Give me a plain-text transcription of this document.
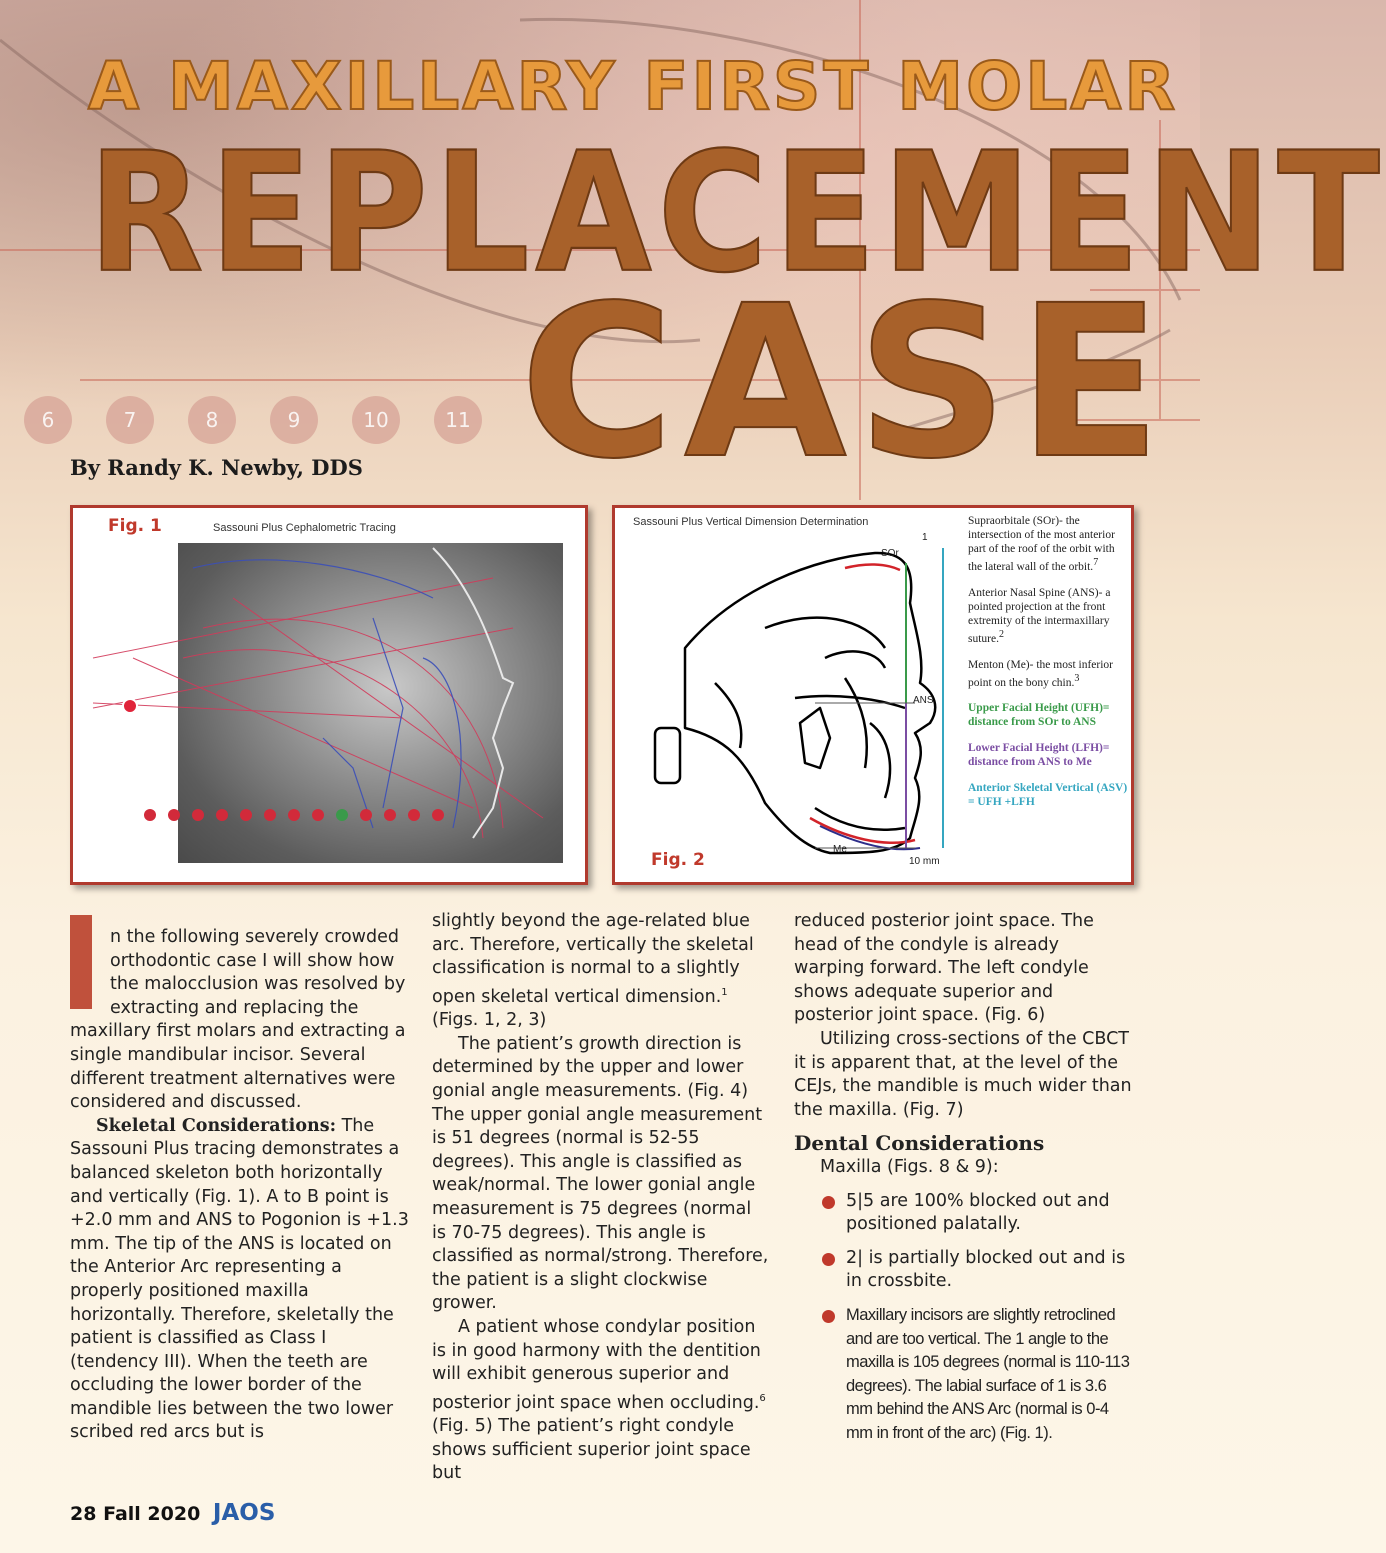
6	7	8	9	10	11
A MAXILLARY FIRST MOLAR
REPLACEMENT
CASE
By Randy K. Newby, DDS
Fig. 1	Sassouni Plus Cephalometric Tracing	Sassouni Plus Vertical Dimension Determination
SOr
ANS
Me
10 mm
1
Fig. 2

Supraorbitale (SOr)- the intersection of the most anterior part of the roof of the orbit with the lateral wall of the orbit.$^7$

Anterior Nasal Spine (ANS)- a pointed projection at the front extremity of the intermaxillary suture.$^2$

Menton (Me)- the most inferior point on the bony chin.$^3$

Upper Facial Height (UFH)= distance from SOr to ANS

Lower Facial Height (LFH)= distance from ANS to Me

Anterior Skeletal Vertical (ASV) = UFH +LFH

n the following severely crowded orthodontic case I will show how the malocclusion was resolved by extracting and replacing the maxillary first molars and extracting a single mandibular incisor. Several different treatment alternatives were considered and discussed.

Skeletal Considerations: The Sassouni Plus tracing demonstrates a balanced skeleton both horizontally and vertically (Fig. 1). A to B point is +2.0 mm and ANS to Pogonion is +1.3 mm. The tip of the ANS is located on the Anterior Arc representing a properly positioned maxilla horizontally. Therefore, skeletally the patient is classified as Class I (tendency III). When the teeth are occluding the lower border of the mandible lies between the two lower scribed red arcs but is

slightly beyond the age-related blue arc. Therefore, vertically the skeletal classification is normal to a slightly open skeletal vertical dimension.$^1$ (Figs. 1, 2, 3)

The patient’s growth direction is determined by the upper and lower gonial angle measurements. (Fig. 4) The upper gonial angle measurement is 51 degrees (normal is 52-55 degrees). This angle is classified as weak/normal. The lower gonial angle measurement is 75 degrees (normal is 70-75 degrees). This angle is classified as normal/strong. Therefore, the patient is a slight clockwise grower.

A patient whose condylar position is in good harmony with the dentition will exhibit generous superior and posterior joint space when occluding.$^6$ (Fig. 5) The patient’s right condyle shows sufficient superior joint space but

reduced posterior joint space. The head of the condyle is already warping forward. The left condyle shows adequate superior and posterior joint space. (Fig. 6)

Utilizing cross-sections of the CBCT it is apparent that, at the level of the CEJs, the mandible is much wider than the maxilla. (Fig. 7)

Dental Considerations

Maxilla (Figs. 8 & 9):

5|5 are 100% blocked out and positioned palatally.

2| is partially blocked out and is in crossbite.

Maxillary incisors are slightly retroclined and are too vertical. The 1 angle to the maxilla is 105 degrees (normal is 110-113 degrees). The labial surface of 1 is 3.6 mm behind the ANS Arc (normal is 0-4 mm in front of the arc) (Fig. 1).

28 Fall 2020 JAOS
